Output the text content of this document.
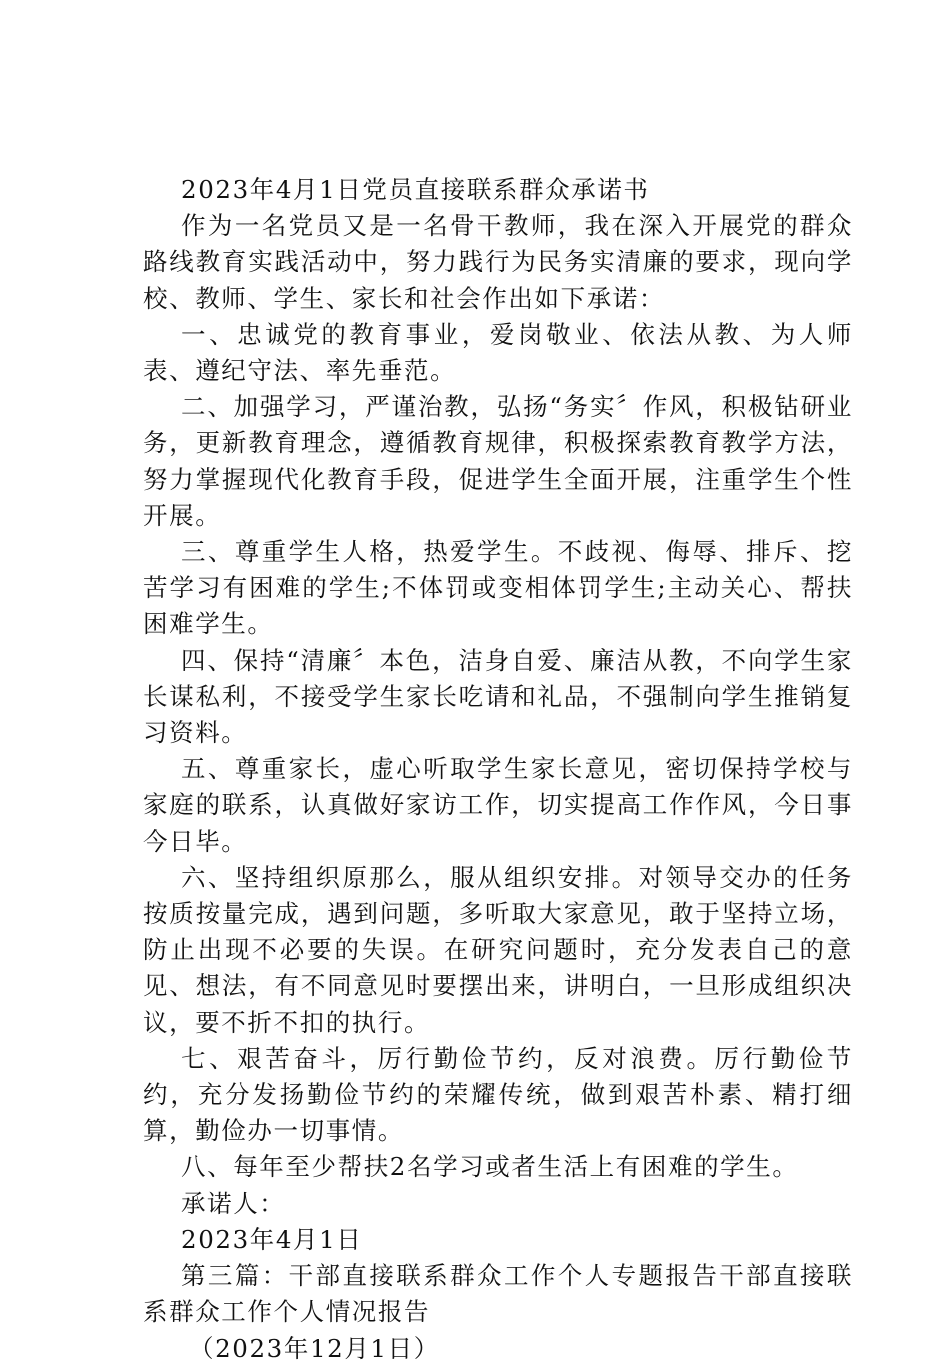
2023年4月1日党员直接联系群众承诺书

作为一名党员又是一名骨干教师，我在深入开展党的群众路线教育实践活动中，努力践行为民务实清廉的要求，现向学校、教师、学生、家长和社会作出如下承诺：

一、忠诚党的教育事业，爱岗敬业、依法从教、为人师表、遵纪守法、率先垂范。

二、加强学习，严谨治教，弘扬“务实〞作风，积极钻研业务，更新教育理念，遵循教育规律，积极探索教育教学方法，努力掌握现代化教育手段，促进学生全面开展，注重学生个性开展。

三、尊重学生人格，热爱学生。不歧视、侮辱、排斥、挖苦学习有困难的学生;不体罚或变相体罚学生;主动关心、帮扶困难学生。

四、保持“清廉〞本色，洁身自爱、廉洁从教，不向学生家长谋私利，不接受学生家长吃请和礼品，不强制向学生推销复习资料。

五、尊重家长，虚心听取学生家长意见，密切保持学校与家庭的联系，认真做好家访工作，切实提高工作作风，今日事今日毕。

六、坚持组织原那么，服从组织安排。对领导交办的任务按质按量完成，遇到问题，多听取大家意见，敢于坚持立场，防止出现不必要的失误。在研究问题时，充分发表自己的意见、想法，有不同意见时要摆出来，讲明白，一旦形成组织决议，要不折不扣的执行。

七、艰苦奋斗，厉行勤俭节约，反对浪费。厉行勤俭节约，充分发扬勤俭节约的荣耀传统，做到艰苦朴素、精打细算，勤俭办一切事情。

八、每年至少帮扶2名学习或者生活上有困难的学生。

承诺人：

2023年4月1日

第三篇：干部直接联系群众工作个人专题报告干部直接联系群众工作个人情况报告

（2023年12月1日）
